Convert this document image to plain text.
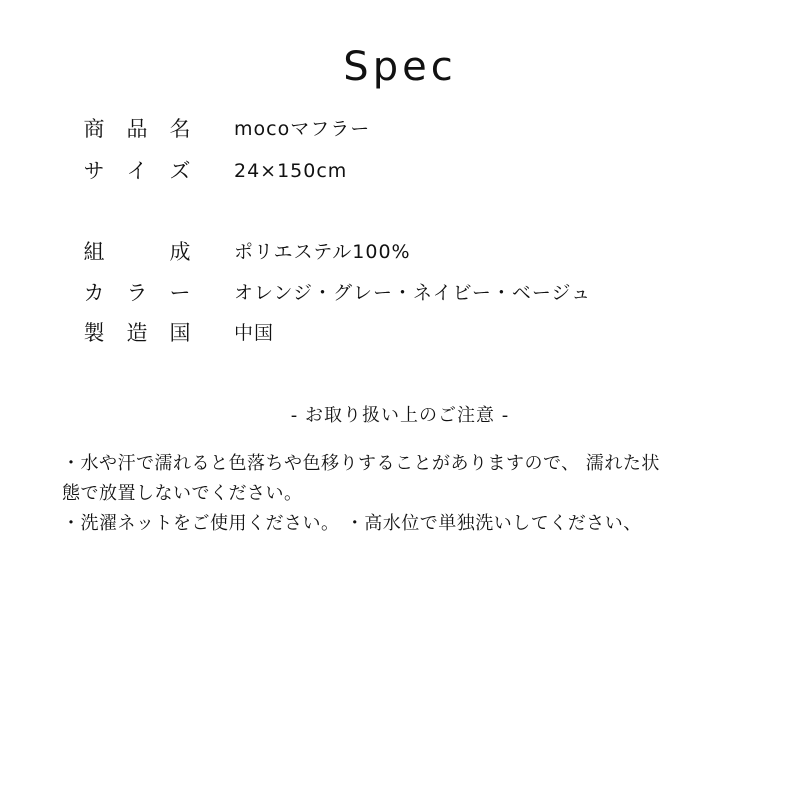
Spec
商 品 名 mocoマフラー
サ イ ズ 24×150cm
組	成 ポリエステル100%
カ ラ ー オレンジ・グレー・ネイビー・ベージュ
製 造 国 中国
- お取り扱い上のご注意 -

・水や汗で濡れると色落ちや色移りすることがありますので、 濡れた状

態で放置しないでください。

・洗濯ネットをご使用ください。 ・高水位で単独洗いしてください、
